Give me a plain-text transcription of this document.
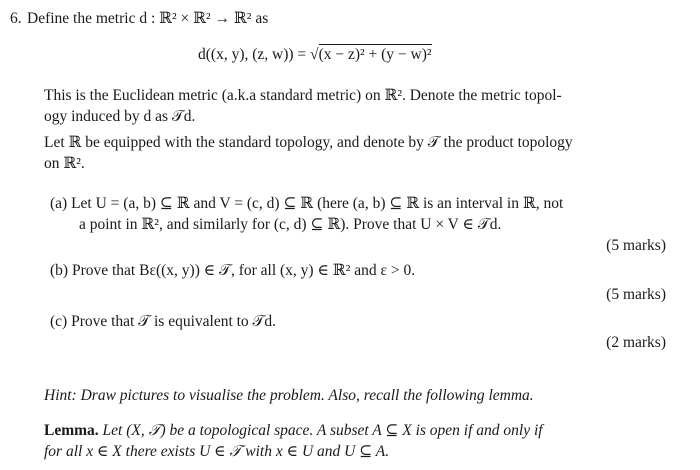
6. Define the metric d : ℝ² × ℝ² → ℝ² as
d((x, y), (z, w)) = √(x − z)² + (y − w)²
This is the Euclidean metric (a.k.a standard metric) on ℝ². Denote the metric topol-
ogy induced by d as 𝒯d.
Let ℝ be equipped with the standard topology, and denote by 𝒯 the product topology
on ℝ².
(a) Let U = (a, b) ⊆ ℝ and V = (c, d) ⊆ ℝ (here (a, b) ⊆ ℝ is an interval in ℝ, not
a point in ℝ², and similarly for (c, d) ⊆ ℝ). Prove that U × V ∈ 𝒯d.
(5 marks)
(b) Prove that Bε((x, y)) ∈ 𝒯, for all (x, y) ∈ ℝ² and ε > 0.
(5 marks)
(c) Prove that 𝒯 is equivalent to 𝒯d.
(2 marks)
Hint: Draw pictures to visualise the problem. Also, recall the following lemma.
Lemma. Let (X, 𝒯) be a topological space. A subset A ⊆ X is open if and only if
for all x ∈ X there exists U ∈ 𝒯 with x ∈ U and U ⊆ A.
